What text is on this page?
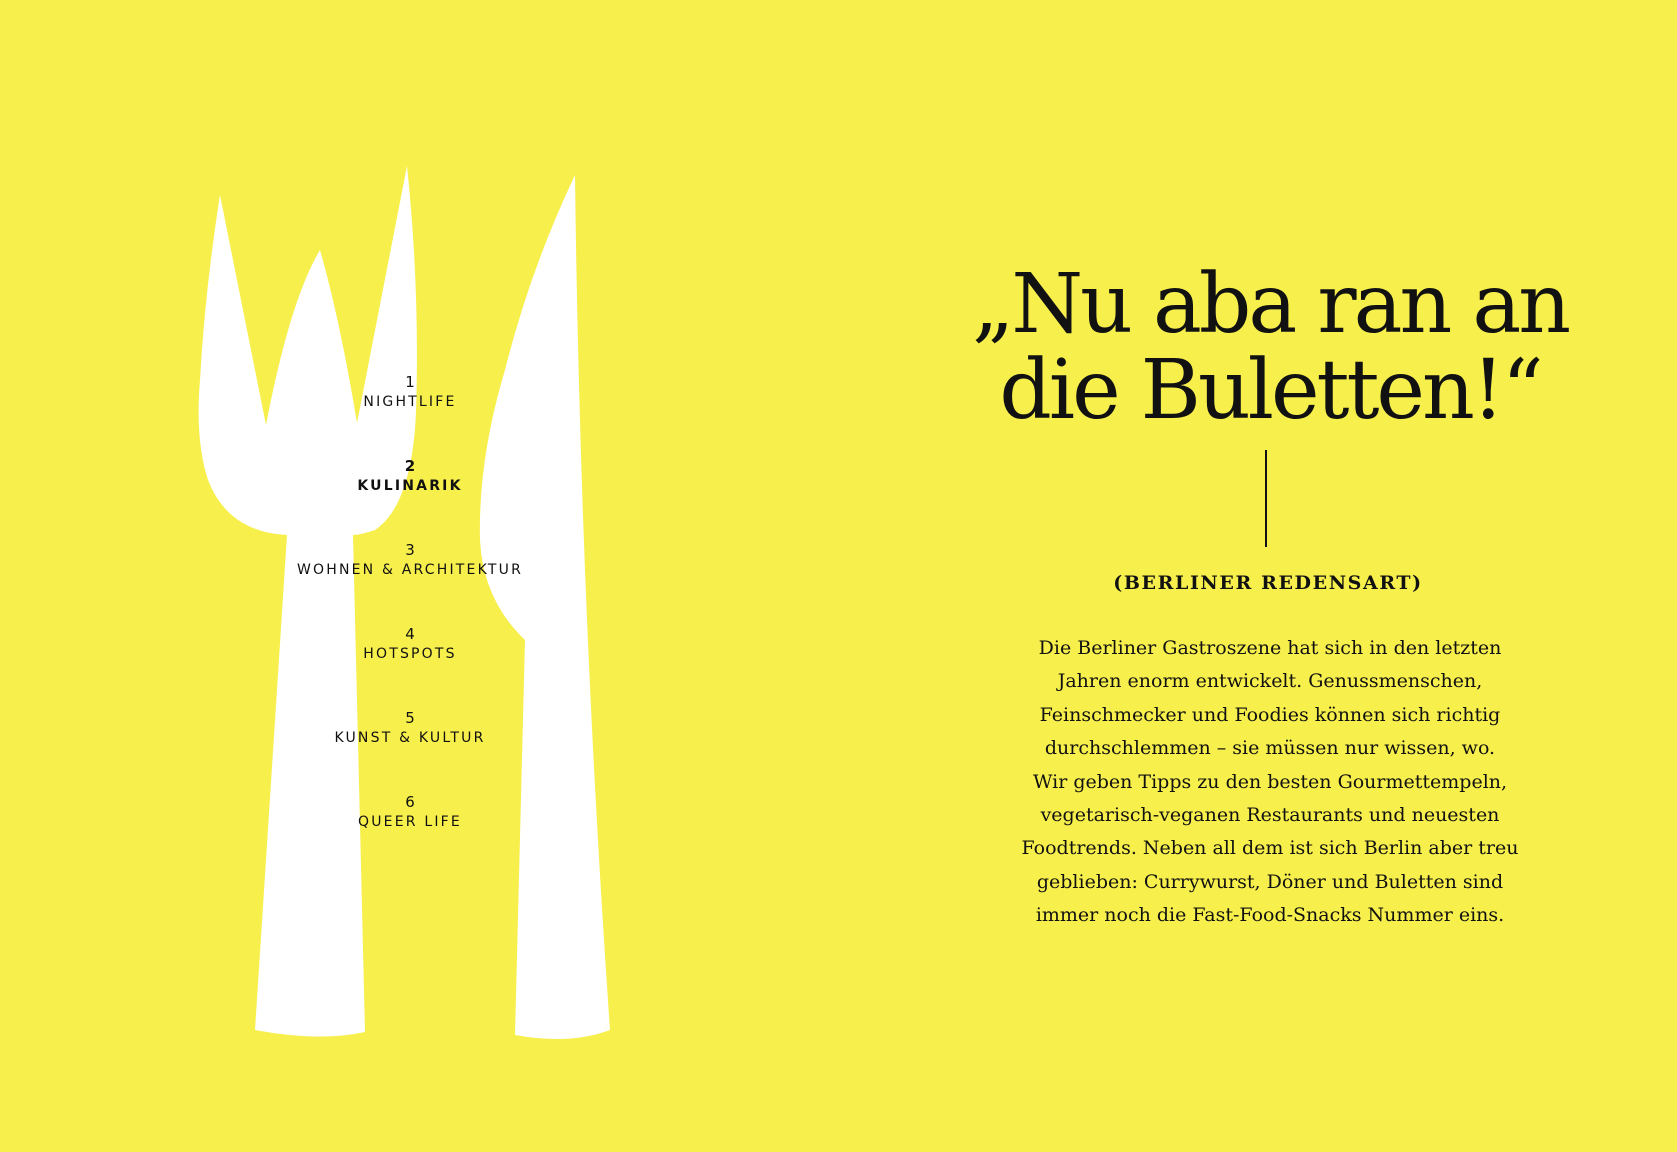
1
NIGHTLIFE
2
KULINARIK
3
WOHNEN & ARCHITEKTUR
4
HOTSPOTS
5
KUNST & KULTUR
6
QUEER LIFE
„Nu aba ran an
die Buletten!“
(BERLINER REDENSART)

Die Berliner Gastroszene hat sich in den letzten
Jahren enorm entwickelt. Genussmenschen,
Feinschmecker und Foodies können sich richtig
durchschlemmen – sie müssen nur wissen, wo.
Wir geben Tipps zu den besten Gourmettempeln,
vegetarisch-veganen Restaurants und neuesten
Foodtrends. Neben all dem ist sich Berlin aber treu
geblieben: Currywurst, Döner und Buletten sind
immer noch die Fast-Food-Snacks Nummer eins.
